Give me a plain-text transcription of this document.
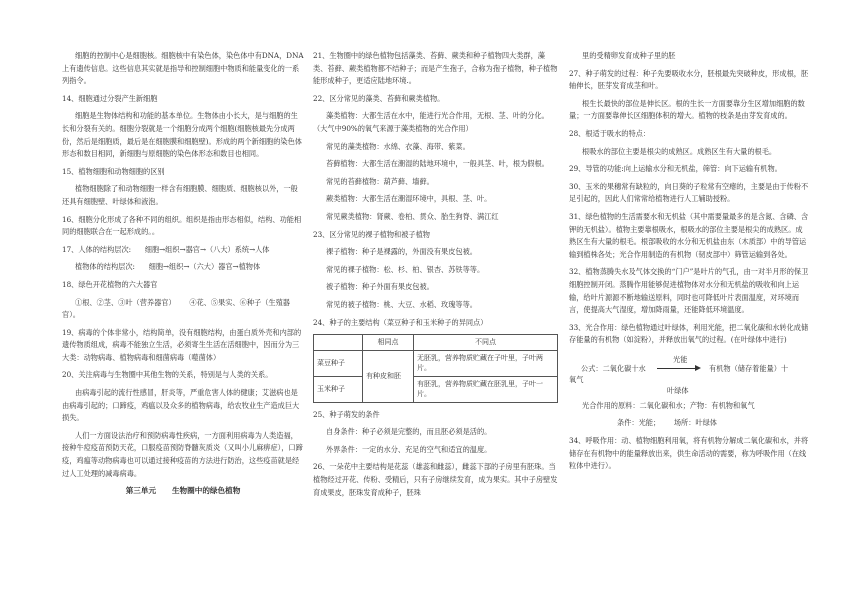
细胞的控制中心是细胞核。细胞核中有染色体，染色体中有DNA，DNA上有遗传信息。这些信息其实就是指导和控制细胞中物质和能量变化的一系列指令。

14、细胞通过分裂产生新细胞

细胞是生物体结构和功能的基本单位。生物体由小长大，是与细胞的生长和分裂有关的。细胞分裂就是一个细胞分成两个细胞(细胞核最先分成两份，然后是细胞质，最后是在细胞膜和细胞壁)。形成的两个新细胞的染色体形态和数目相同，新细胞与原细胞的染色体形态和数目也相同。

15、植物细胞和动物细胞的区别

植物细胞除了和动物细胞一样含有细胞膜、细胞质、细胞核以外，一般还具有细胞壁、叶绿体和液泡。

16、细胞分化形成了各种不同的组织。组织是指由形态相似，结构、功能相同的细胞联合在一起形成的。。

17、人体的结构层次:      细胞→组织→器官→（八大）系统→人体

植物体的结构层次:      细胞→组织→（六大）器官→植物体

18、绿色开花植物的六大器官

①根、②茎、③叶（营养器官）      ④花、⑤果实、⑥种子（生殖器官）。

19、病毒的个体非常小，结构简单，没有细胞结构，由蛋白质外壳和内部的遗传物质组成，病毒不能独立生活，必须寄生生活在活细胞中，因而分为三大类：动物病毒、植物病毒和细菌病毒（噬菌体）

20、关注病毒与生物圈中其他生物的关系，特别是与人类的关系。

由病毒引起的流行性感冒，肝炎等，严重危害人体的健康；艾滋病也是由病毒引起的；口蹄疫，鸡瘟以及众多的植物病毒，给农牧业生产造成巨大损失。

人们一方面设法治疗和预防病毒性疾病，一方面利用病毒为人类造福，接种牛痘疫苗预防天花，口服疫苗预防脊髓灰质炎（又叫小儿麻痹症），口蹄疫，鸡瘟等动物病毒也可以通过接种疫苗的方法进行防治，这些疫苗就是经过人工处理的减毒病毒。

第三单元      生物圈中的绿色植物

21、生物圈中的绿色植物包括藻类、苔藓、蕨类和种子植物四大类群，藻类、苔藓、蕨类植物都不结种子；而是产生孢子，合称为孢子植物，种子植物能形成种子，更适应陆地环境.。

22、区分常见的藻类、苔藓和蕨类植物。

藻类植物：大都生活在水中，能进行光合作用，无根、茎、叶的分化。（大气中90%的氧气来源于藻类植物的光合作用）

常见的藻类植物：水绵、衣藻、海带、紫菜。

苔藓植物：大都生活在潮湿的陆地环境中，一般具茎、叶，根为假根。

常见的苔藓植物：葫芦藓、墙藓。

蕨类植物：大都生活在潮湿环境中，具根、茎、叶。

常见蕨类植物：肾蕨、卷柏、贯众、胎生狗脊、满江红

23、区分常见的裸子植物和被子植物

裸子植物：种子是裸露的，外面没有果皮包被。

常见的裸子植物：松、杉、柏、银杏、苏铁等等。

被子植物：种子外面有果皮包被。

常见的被子植物：桃、大豆、水稻、玫瑰等等。

24、种子的主要结构（菜豆种子和玉米种子的异同点）

	相同点	不同点
菜豆种子	有种皮和胚	无胚乳，营养物质贮藏在子叶里，子叶两片。
玉米种子		有胚乳，营养物质贮藏在胚乳里，子叶一片。

25、种子萌发的条件

自身条件：种子必须是完整的，而且胚必须是活的。

外界条件：一定的水分、充足的空气和适宜的温度。

26、一朵花中主要结构是花蕊（雄蕊和雌蕊），雌蕊下部的子房里有胚珠。当植物经过开花、传粉、受精后，只有子房继续发育，成为果实。其中子房壁发育成果皮，胚珠发育成种子，胚珠

里的受精卵发育成种子里的胚

27、种子萌发的过程：种子先要吸收水分，胚根最先突破种皮，形成根，胚轴伸长，胚芽发育成茎和叶。

根生长最快的部位是伸长区。根的生长一方面要靠分生区增加细胞的数量；一方面要靠伸长区细胞体积的增大。植物的枝条是由芽发育成的。

28、根适于吸水的特点：

根吸水的部位主要是根尖的成熟区。成熟区生有大量的根毛。

29、导管的功能:向上运输水分和无机盐，筛管：向下运输有机物。

30、玉米的果穗常有缺粒的，向日葵的子粒常有空瘪的，主要是由于传粉不足引起的，因此人们常常给植物进行人工辅助授粉。

31、绿色植物的生活需要水和无机盐（其中需要量最多的是含氮、含磷、含钾的无机盐）。植物主要靠根吸水，根吸水的部位主要是根尖的成熟区。成熟区生有大量的根毛。根部吸收的水分和无机盐由东（木质部）中的导管运输到植株各处；光合作用制造的有机物（韧皮部中）筛管运输到各处。

32、植物蒸腾失水及气体交换的“门户”是叶片的气孔，由一对半月形的保卫细胞控制开闭。蒸腾作用能够促进植物体对水分和无机盐的吸收和向上运输，给叶片源源不断地输送原料，同时也可降低叶片表面温度，对环境而言，使提高大气湿度，增加降雨量，还能降低环境温度。

33、光合作用：绿色植物通过叶绿体，利用光能，把二氧化碳和水转化成储存能量的有机物（如淀粉），并释放出氧气的过程。(在叶绿体中进行)

光能
公式：二氧化碳十水	有机物（储存着能量）十
氧气
叶绿体

光合作用的原料：二氧化碳和水；产物：有机物和氧气

条件：光能；      场所：叶绿体

34、呼吸作用：动、植物细胞利用氧，将有机物分解成二氧化碳和水，并将储存在有机物中的能量释放出来，供生命活动的需要，称为呼吸作用（在线粒体中进行）。
